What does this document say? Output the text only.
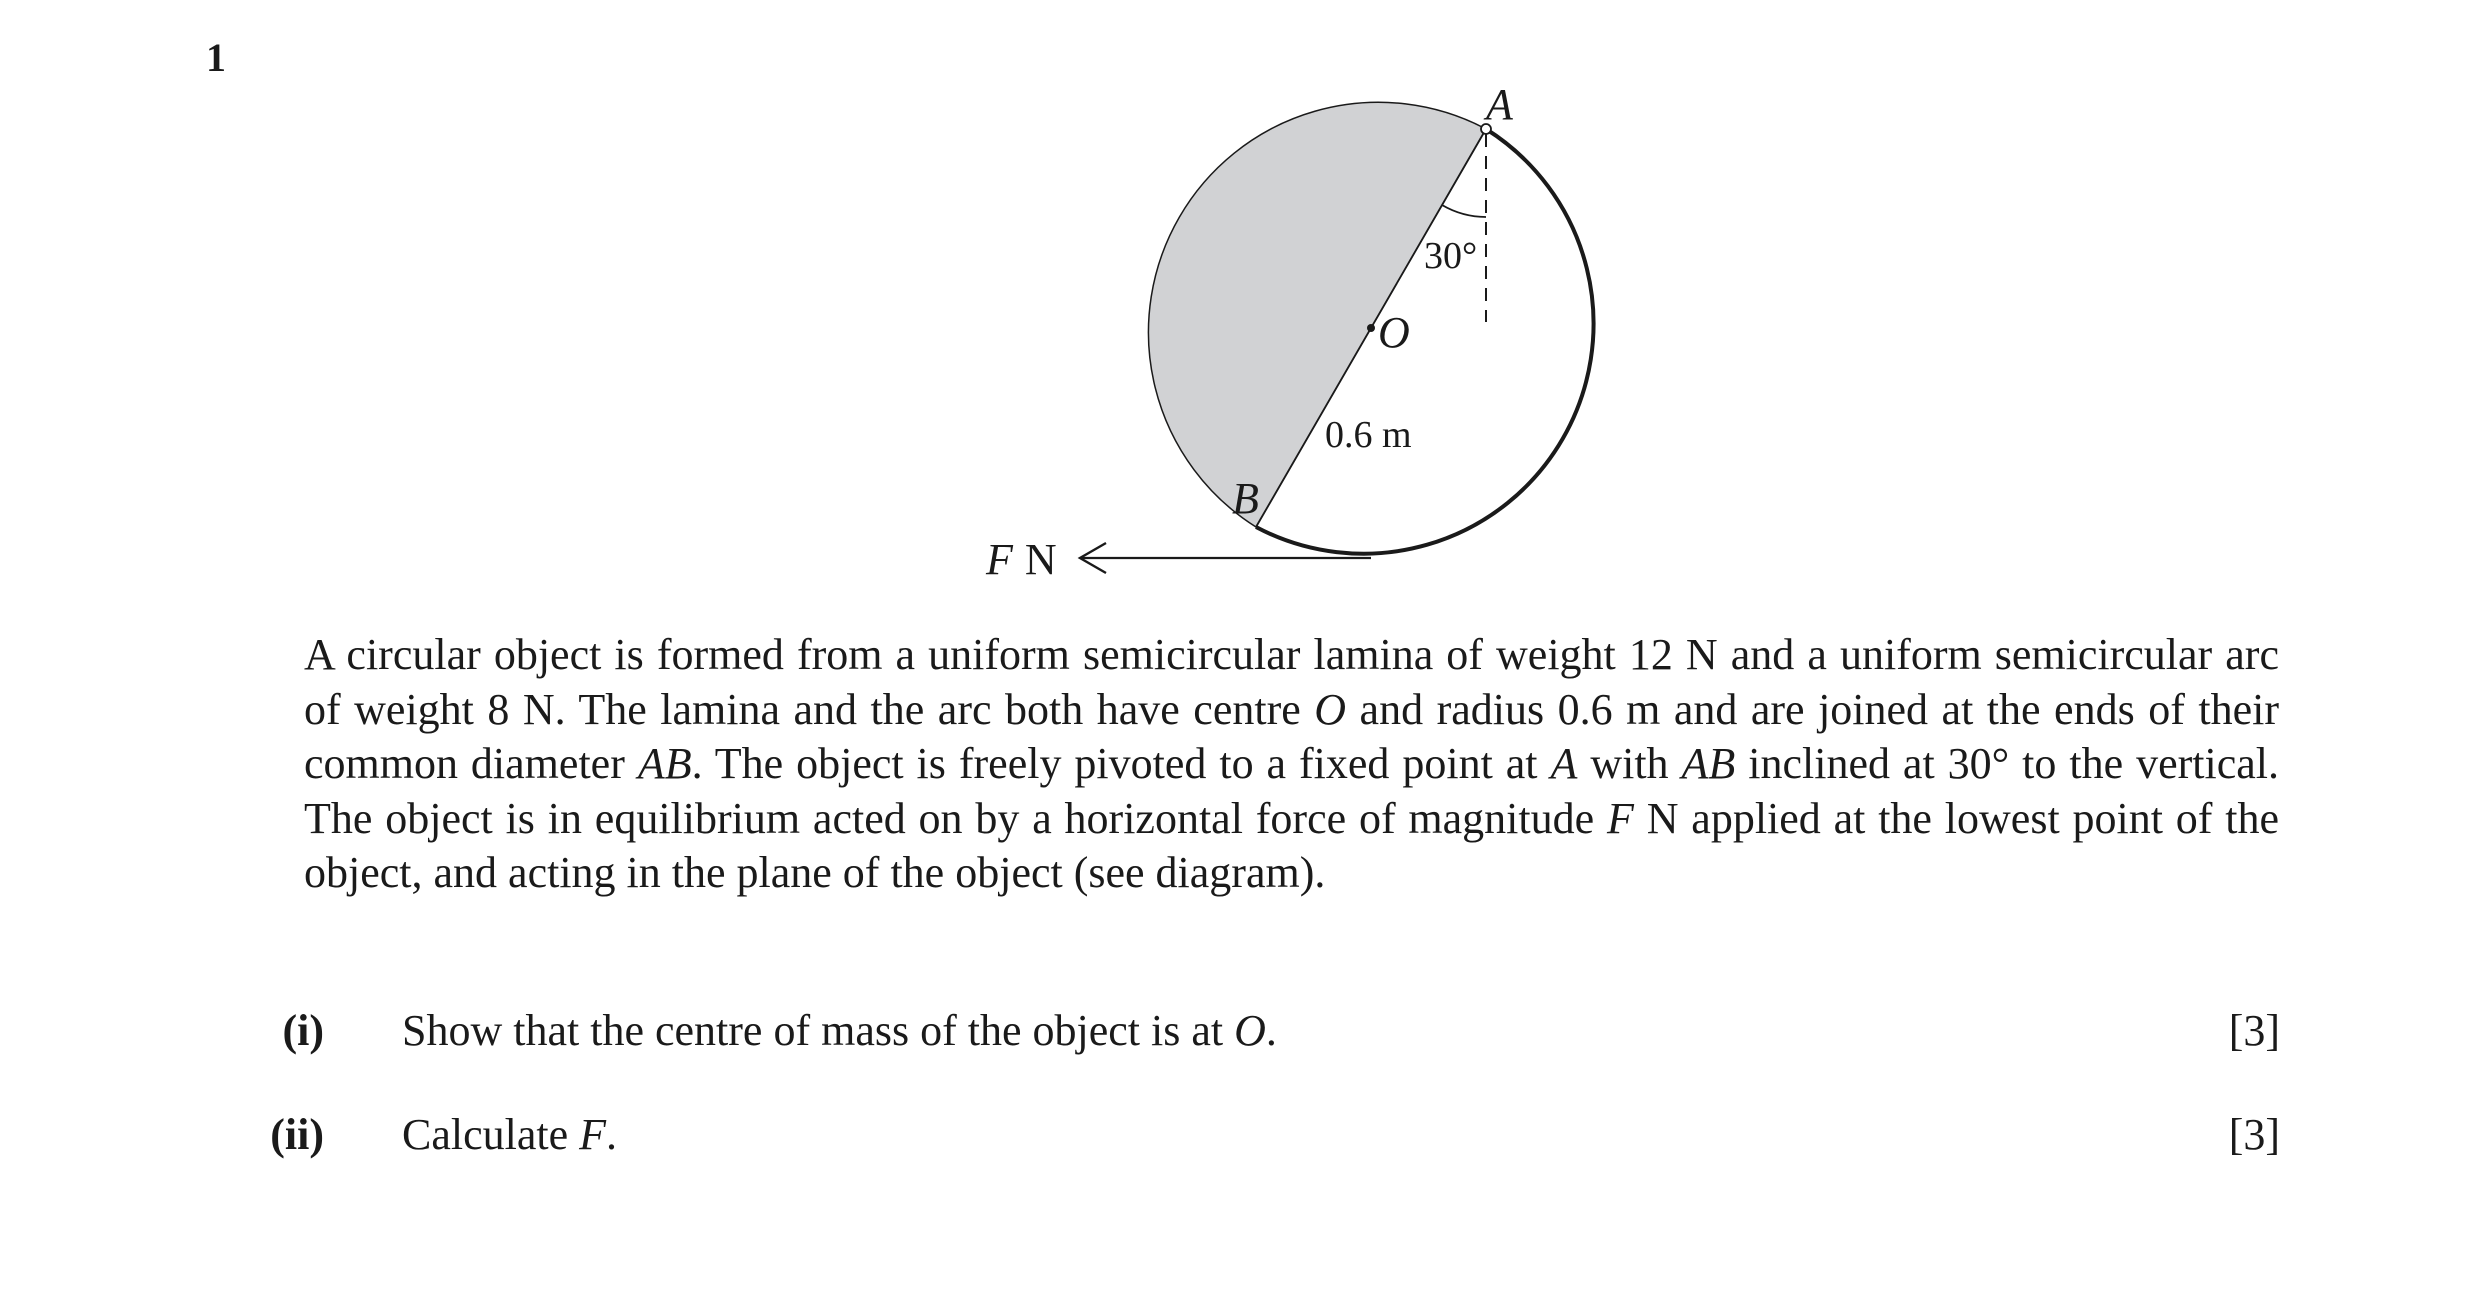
1
A
B
O
30°
0.6 m
F N

A circular object is formed from a uniform semicircular lamina of weight 12 N and a uniform semicircular arc of weight 8 N. The lamina and the arc both have centre O and radius 0.6 m and are joined at the ends of their common diameter AB. The object is freely pivoted to a fixed point at A with AB inclined at 30° to the vertical. The object is in equilibrium acted on by a horizontal force of magnitude F N applied at the lowest point of the object, and acting in the plane of the object (see diagram).

(i) Show that the centre of mass of the object is at O.	[3]
(ii) Calculate F.	[3]
